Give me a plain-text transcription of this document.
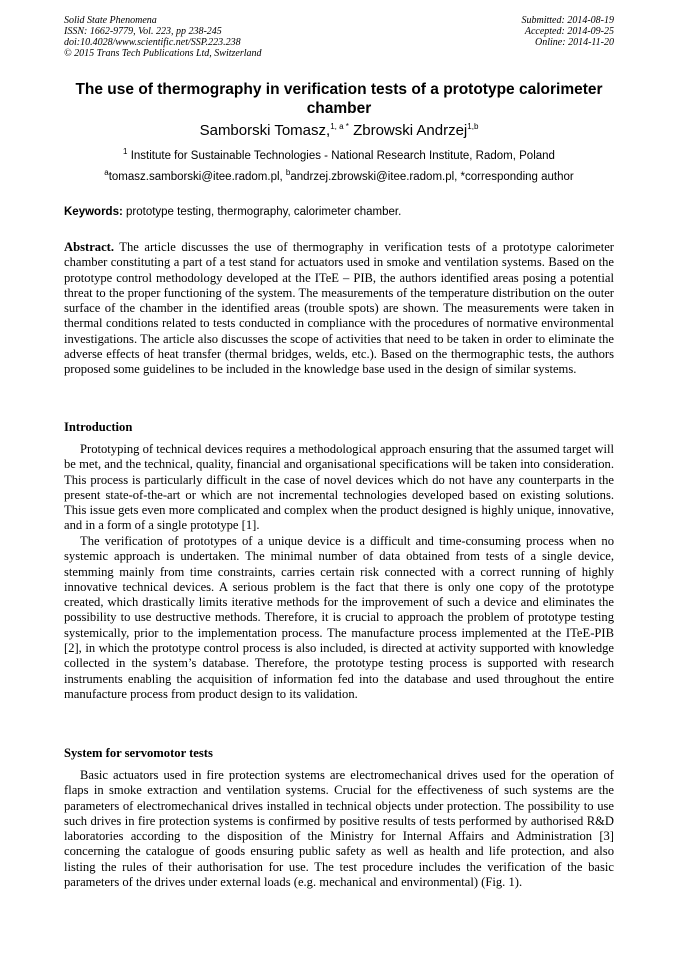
Solid State Phenomena
ISSN: 1662-9779, Vol. 223, pp 238-245
doi:10.4028/www.scientific.net/SSP.223.238
© 2015 Trans Tech Publications Ltd, Switzerland
Submitted: 2014-08-19
Accepted: 2014-09-25
Online: 2014-11-20
The use of thermography in verification tests of a prototype calorimeter chamber
Samborski Tomasz,$^{1, a *}$ Zbrowski Andrzej$^{1,b}$
$^1$ Institute for Sustainable Technologies - National Research Institute, Radom, Poland
$^a$tomasz.samborski@itee.radom.pl, $^b$andrzej.zbrowski@itee.radom.pl, *corresponding author
Keywords: prototype testing, thermography, calorimeter chamber.
Abstract. The article discusses the use of thermography in verification tests of a prototype calorimeter chamber constituting a part of a test stand for actuators used in smoke and ventilation systems. Based on the prototype control methodology developed at the ITeE – PIB, the authors identified areas posing a potential threat to the proper functioning of the system. The measurements of the temperature distribution on the outer surface of the chamber in the identified areas (trouble spots) are shown. The measurements were taken in thermal conditions related to tests conducted in compliance with the procedures of normative environmental investigations. The article also discusses the scope of activities that need to be taken in order to eliminate the adverse effects of heat transfer (thermal bridges, welds, etc.). Based on the thermographic tests, the authors proposed some guidelines to be included in the knowledge base used in the design of similar systems.
Introduction
Prototyping of technical devices requires a methodological approach ensuring that the assumed target will be met, and the technical, quality, financial and organisational specifications will be taken into consideration. This process is particularly difficult in the case of novel devices which do not have any counterparts in the present state-of-the-art or which are not incremental technologies developed based on existing solutions. This issue gets even more complicated and complex when the product designed is highly unique, innovative, and in a form of a single prototype [1].
The verification of prototypes of a unique device is a difficult and time-consuming process when no systemic approach is undertaken. The minimal number of data obtained from tests of a single device, stemming mainly from time constraints, carries certain risk connected with a correct running of highly innovative technical devices. A serious problem is the fact that there is only one copy of the prototype created, which drastically limits iterative methods for the improvement of such a device and eliminates the possibility to use destructive methods. Therefore, it is crucial to approach the problem of prototype testing systemically, prior to the implementation process. The manufacture process implemented at the ITeE-PIB [2], in which the prototype control process is also included, is directed at activity supported with knowledge collected in the system’s database. Therefore, the prototype testing process is supported with research instruments enabling the acquisition of information fed into the database and used throughout the entire manufacture process from product design to its validation.
System for servomotor tests
Basic actuators used in fire protection systems are electromechanical drives used for the operation of flaps in smoke extraction and ventilation systems. Crucial for the effectiveness of such systems are the parameters of electromechanical drives installed in technical objects under protection. The possibility to use such drives in fire protection systems is confirmed by positive results of tests performed by authorised R&D laboratories according to the disposition of the Ministry for Internal Affairs and Administration [3] concerning the catalogue of goods ensuring public safety as well as health and life protection, and also listing the rules of their authorisation for use. The test procedure includes the verification of the basic parameters of the drives under external loads (e.g. mechanical and environmental) (Fig. 1).
